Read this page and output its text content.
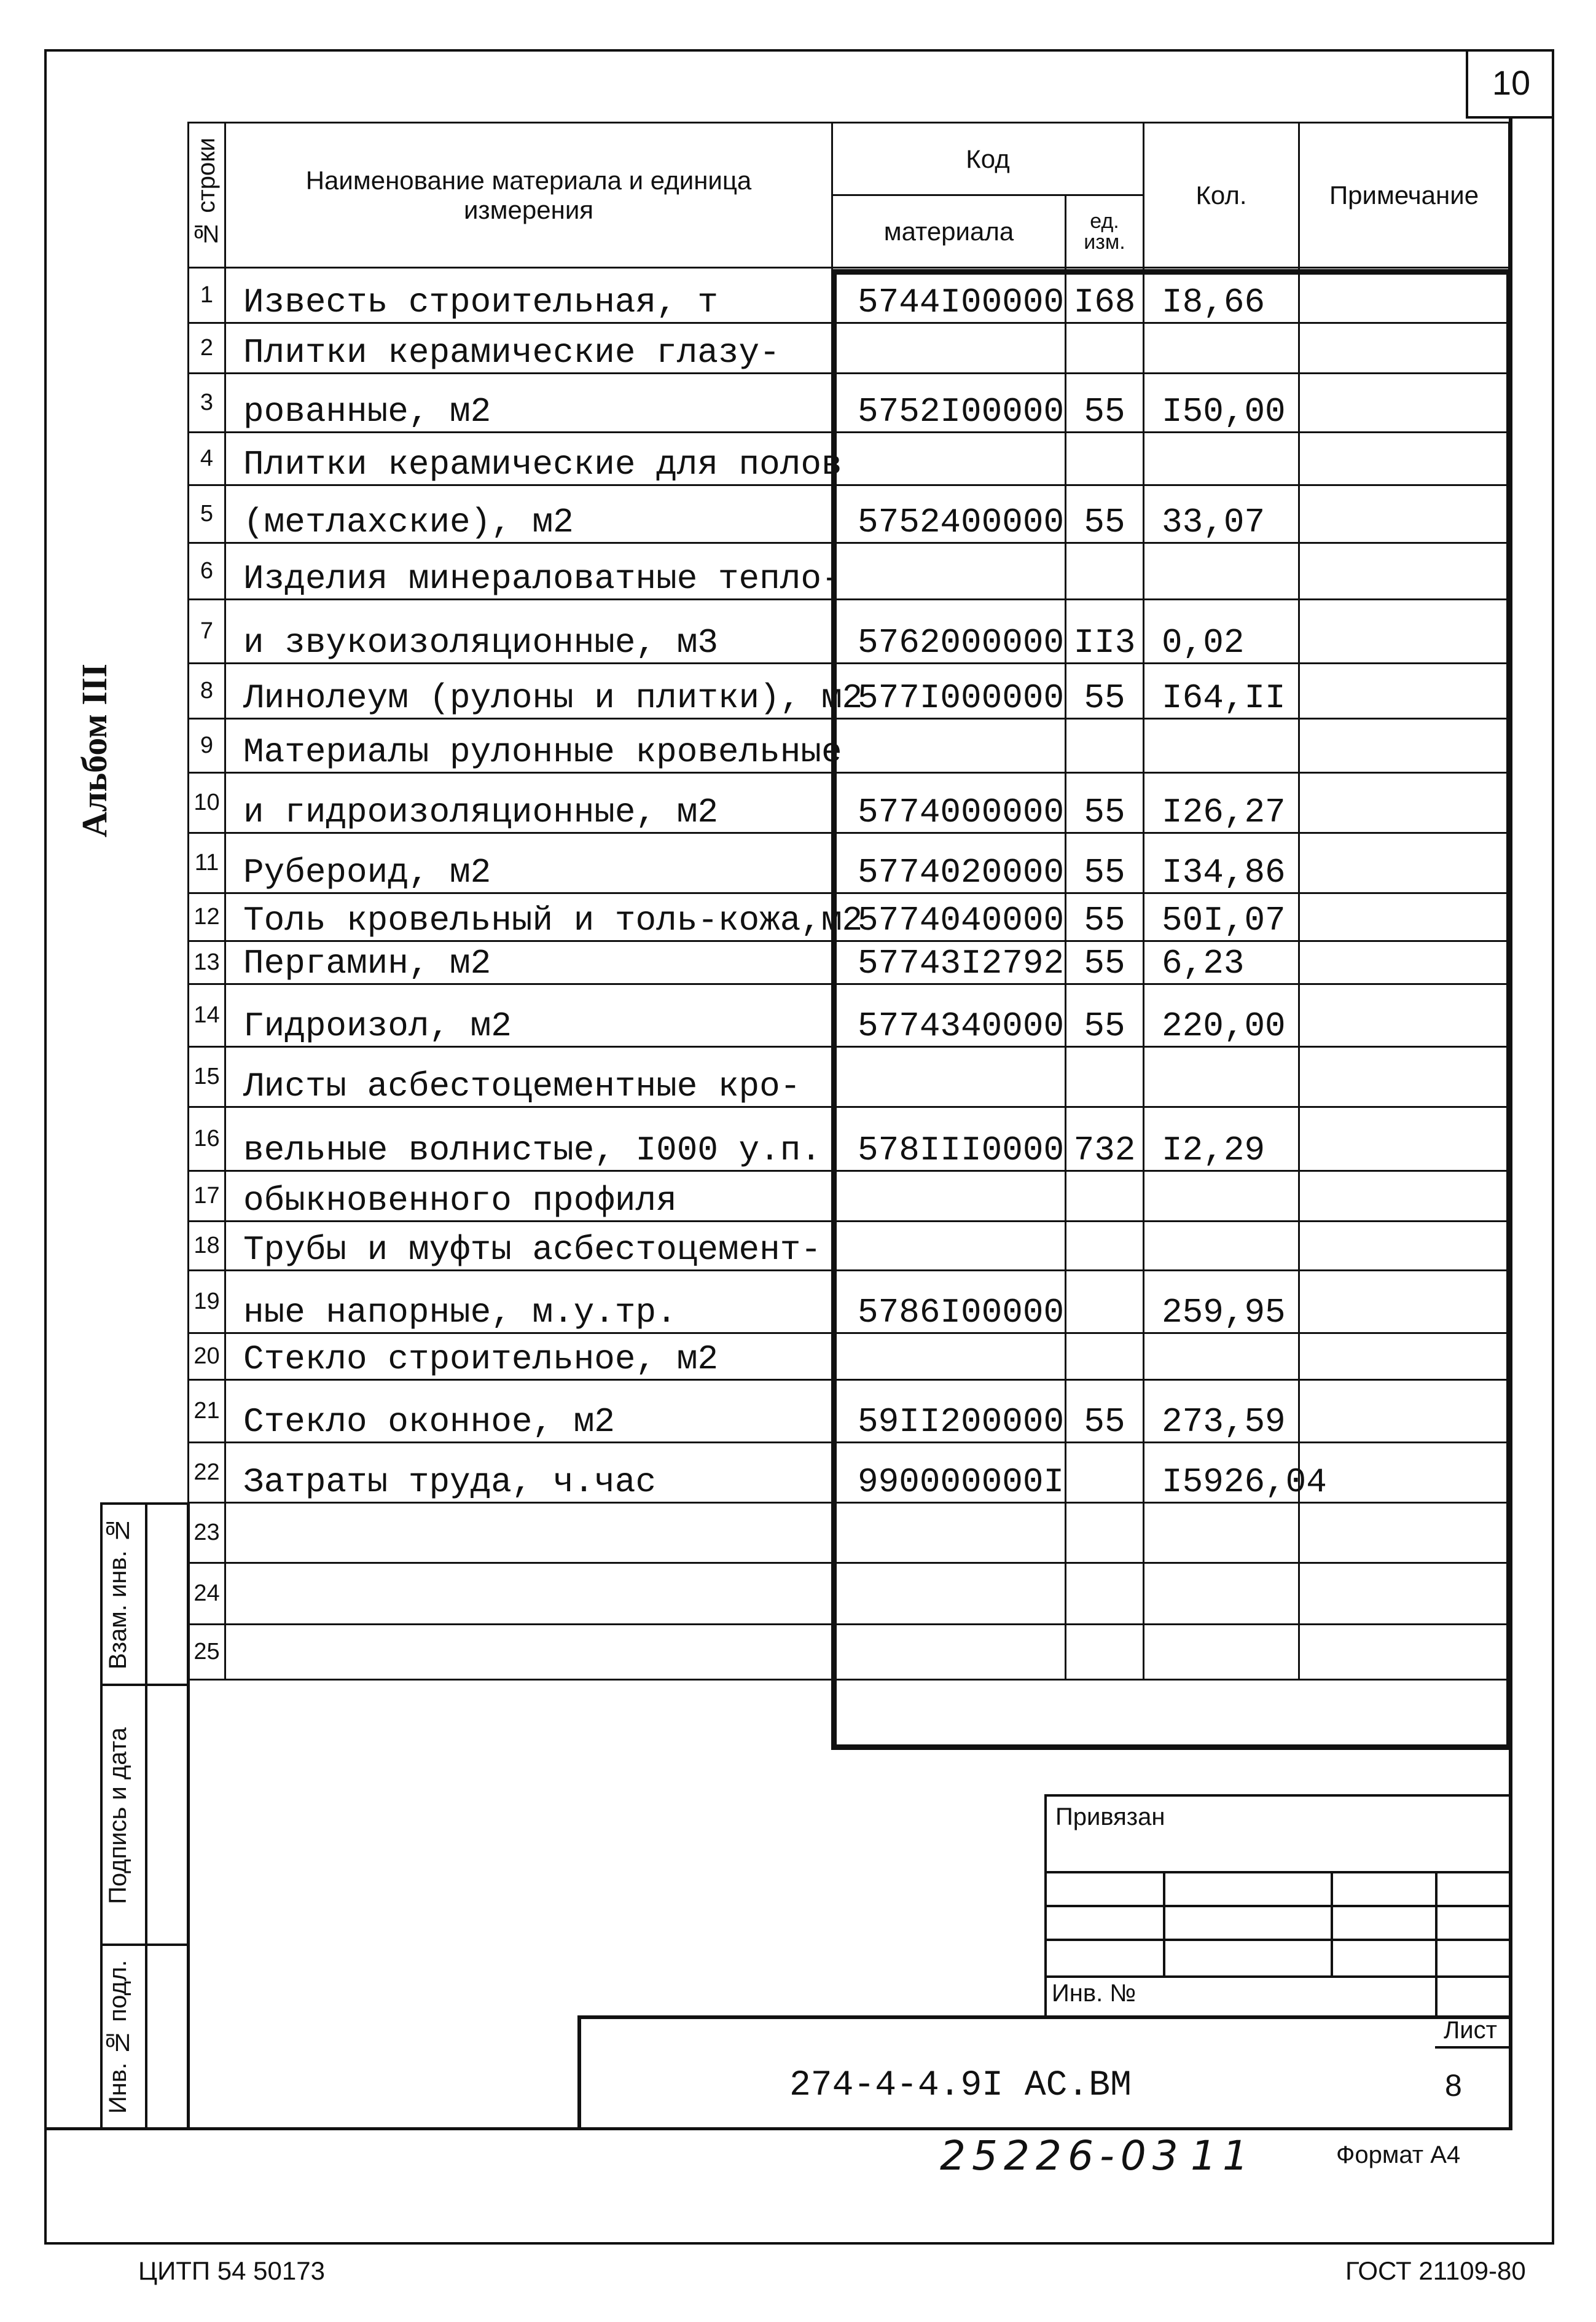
10
Альбом III
№ строки	Наименование материала и единица измерения	Код		Кол.	Примечание
		материала	ед. изм.		
1	Известь строительная, т	5744I00000	I68	I8,66	
2	Плитки керамические глазу-				
3	рованные, м2	5752I00000	55	I50,00	
4	Плитки керамические для полов				
5	(метлахские), м2	5752400000	55	33,07	
6	Изделия минераловатные тепло-				
7	и звукоизоляционные, м3	5762000000	II3	0,02	
8	Линолеум (рулоны и плитки), м2	577I000000	55	I64,II	
9	Материалы рулонные кровельные				
10	и гидроизоляционные, м2	5774000000	55	I26,27	
11	Рубероид, м2	5774020000	55	I34,86	
12	Толь кровельный и толь-кожа,м2	5774040000	55	50I,07	
13	Пергамин, м2	57743I2792	55	6,23	
14	Гидроизол, м2	5774340000	55	220,00	
15	Листы асбестоцементные кро-				
16	вельные волнистые, I000 у.п.	578III0000	732	I2,29	
17	обыкновенного профиля				
18	Трубы и муфты асбестоцемент-				
19	ные напорные, м.у.тр.	5786I00000		259,95	
20	Стекло строительное, м2				
21	Стекло оконное, м2	59II200000	55	273,59	
22	Затраты труда, ч.час	990000000I		I5926,04	
23					
24					
25					
Взам. инв. №
Подпись и дата
Инв. № подл.
Привязан
Инв. №
Лист
8
274-4-4.9I АС.ВМ
25226-03 11	Формат А4
ЦИТП 54 50173	ГОСТ 21109-80
